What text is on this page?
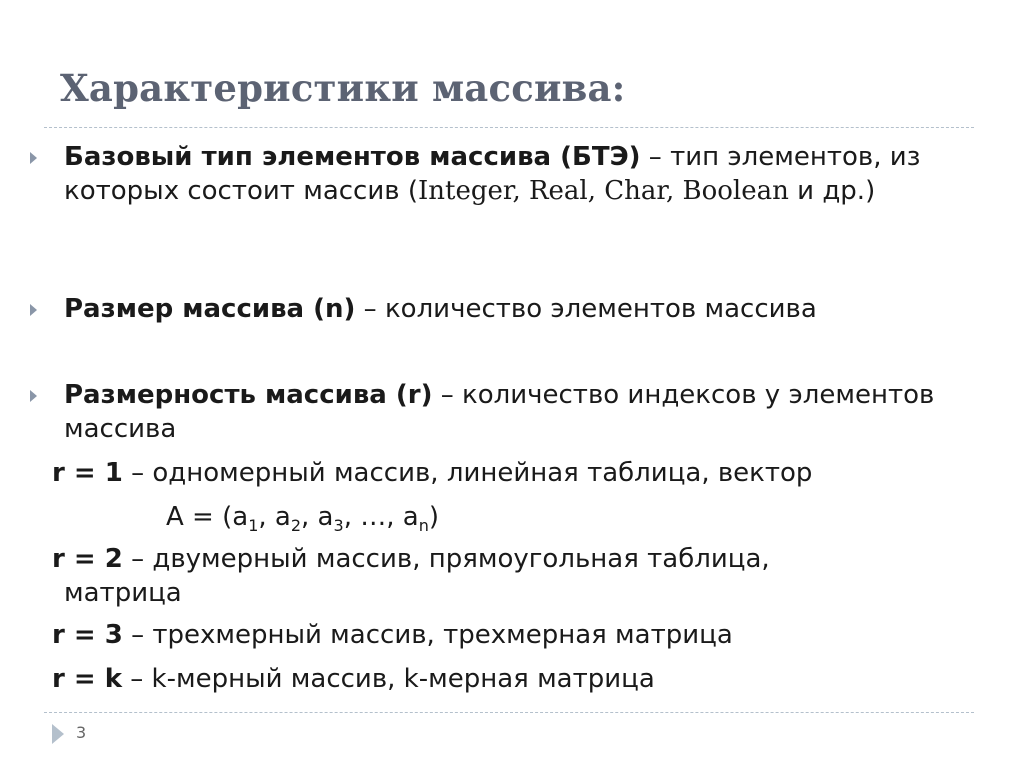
Характеристики массива:
Базовый тип элементов массива (БТЭ) – тип элементов, из которых состоит массив (Integer, Real, Char, Boolean и др.)
Размер массива (n) – количество элементов массива
Размерность массива (r) – количество индексов у элементов массива
r = 1 – одномерный массив, линейная таблица, вектор
$A = (a_1$, $a_2$, $a_3$, …, $a_n$)
r = 2 – двумерный массив, прямоугольная таблица,
матрица
r = 3 – трехмерный массив, трехмерная матрица
r = k – k-мерный массив, k-мерная матрица
3
